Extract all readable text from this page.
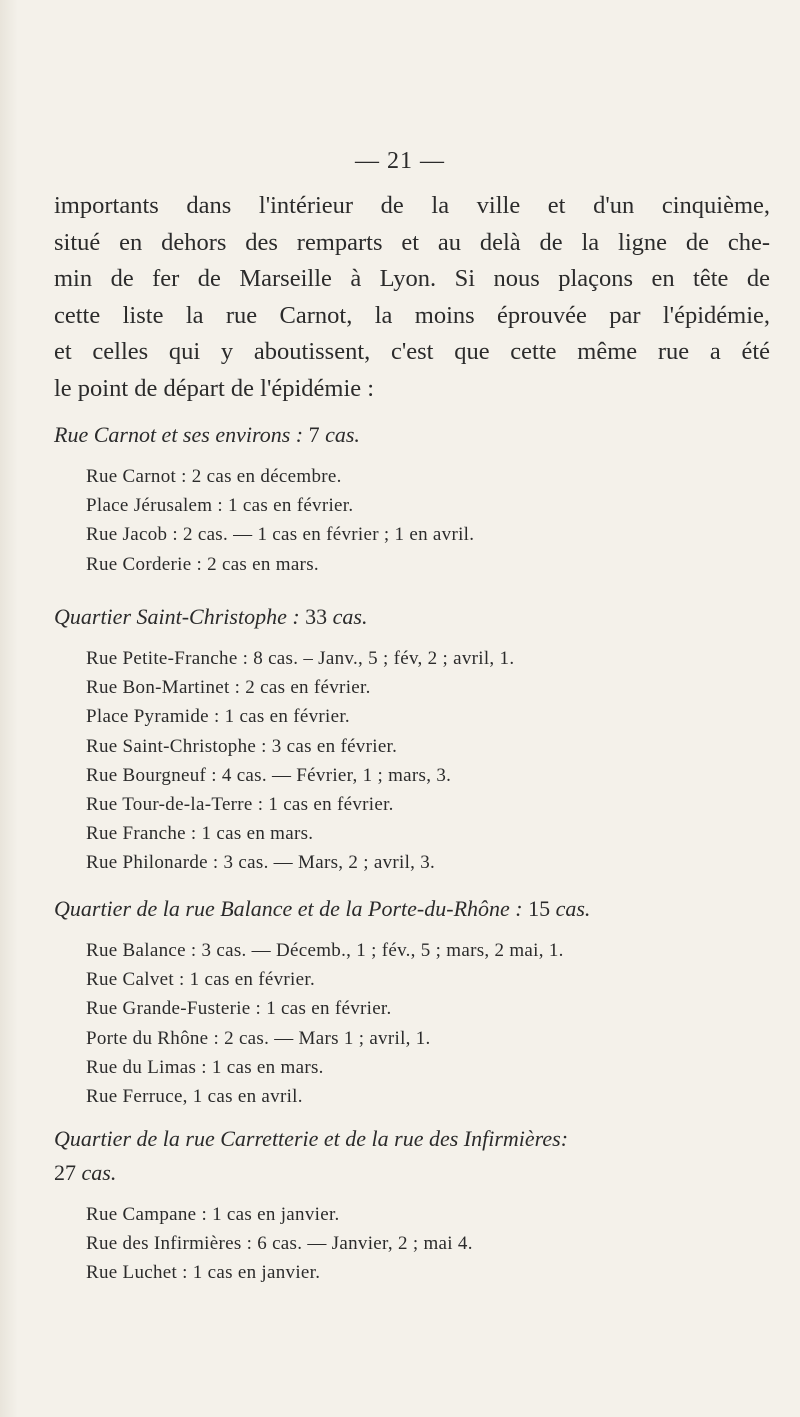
— 21 —
importants dans l'intérieur de la ville et d'un cinquième,
situé en dehors des remparts et au delà de la ligne de che-
min de fer de Marseille à Lyon. Si nous plaçons en tête de
cette liste la rue Carnot, la moins éprouvée par l'épidémie,
et celles qui y aboutissent, c'est que cette même rue a été
le point de départ de l'épidémie :
Rue Carnot et ses environs : 7 cas.
Rue Carnot : 2 cas en décembre.
Place Jérusalem : 1 cas en février.
Rue Jacob : 2 cas. — 1 cas en février ; 1 en avril.
Rue Corderie : 2 cas en mars.
Quartier Saint-Christophe : 33 cas.
Rue Petite-Franche : 8 cas. – Janv., 5 ; fév, 2 ; avril, 1.
Rue Bon-Martinet : 2 cas en février.
Place Pyramide : 1 cas en février.
Rue Saint-Christophe : 3 cas en février.
Rue Bourgneuf : 4 cas. — Février, 1 ; mars, 3.
Rue Tour-de-la-Terre : 1 cas en février.
Rue Franche : 1 cas en mars.
Rue Philonarde : 3 cas. — Mars, 2 ; avril, 3.
Quartier de la rue Balance et de la Porte-du-Rhône : 15 cas.
Rue Balance : 3 cas. — Décemb., 1 ; fév., 5 ; mars, 2 mai, 1.
Rue Calvet : 1 cas en février.
Rue Grande-Fusterie : 1 cas en février.
Porte du Rhône : 2 cas. — Mars 1 ; avril, 1.
Rue du Limas : 1 cas en mars.
Rue Ferruce, 1 cas en avril.
Quartier de la rue Carretterie et de la rue des Infirmières:
27 cas.
Rue Campane : 1 cas en janvier.
Rue des Infirmières : 6 cas. — Janvier, 2 ; mai 4.
Rue Luchet : 1 cas en janvier.
